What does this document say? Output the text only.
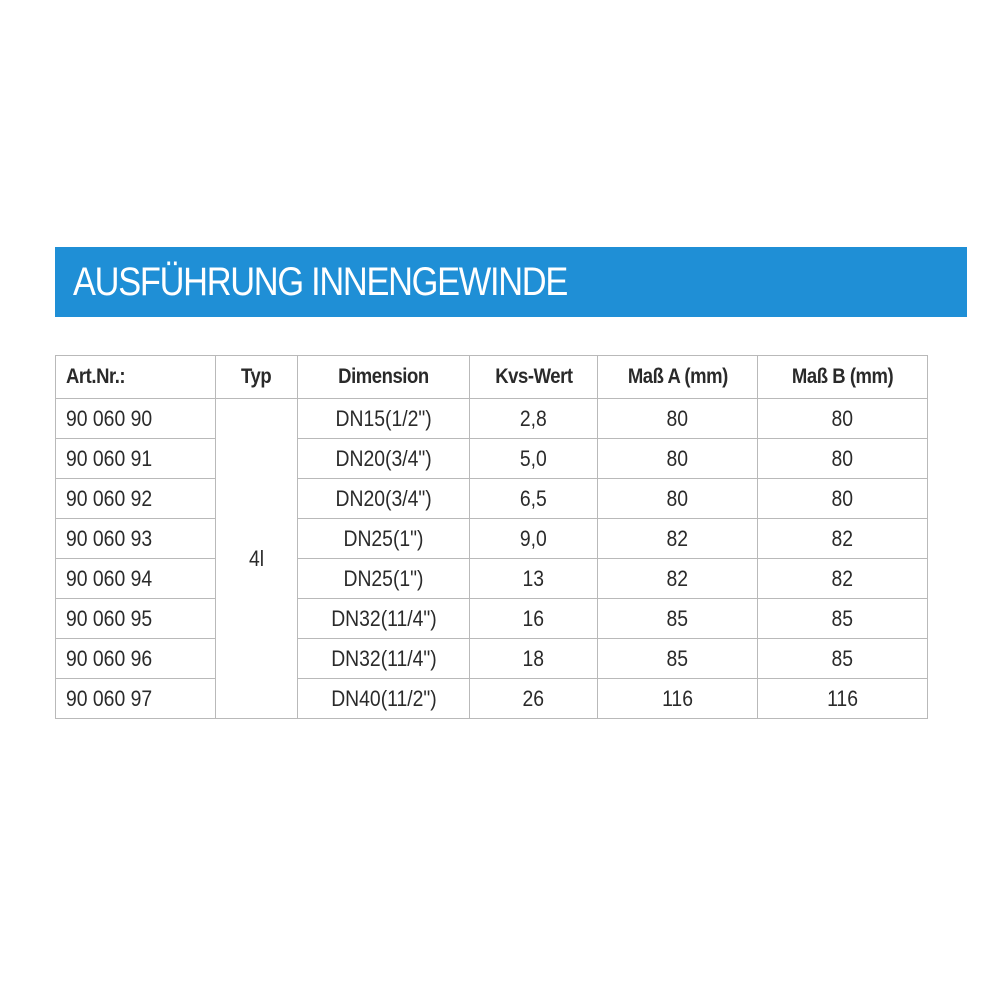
AUSFÜHRUNG INNENGEWINDE
Art.Nr.:	Typ	Dimension	Kvs-Wert	Maß A (mm)	Maß B (mm)
90 060 90	4l	DN15(1/2")	2,8	80	80
90 060 91		DN20(3/4")	5,0	80	80
90 060 92		DN20(3/4")	6,5	80	80
90 060 93		DN25(1")	9,0	82	82
90 060 94		DN25(1")	13	82	82
90 060 95		DN32(11/4")	16	85	85
90 060 96		DN32(11/4")	18	85	85
90 060 97		DN40(11/2")	26	116	116
